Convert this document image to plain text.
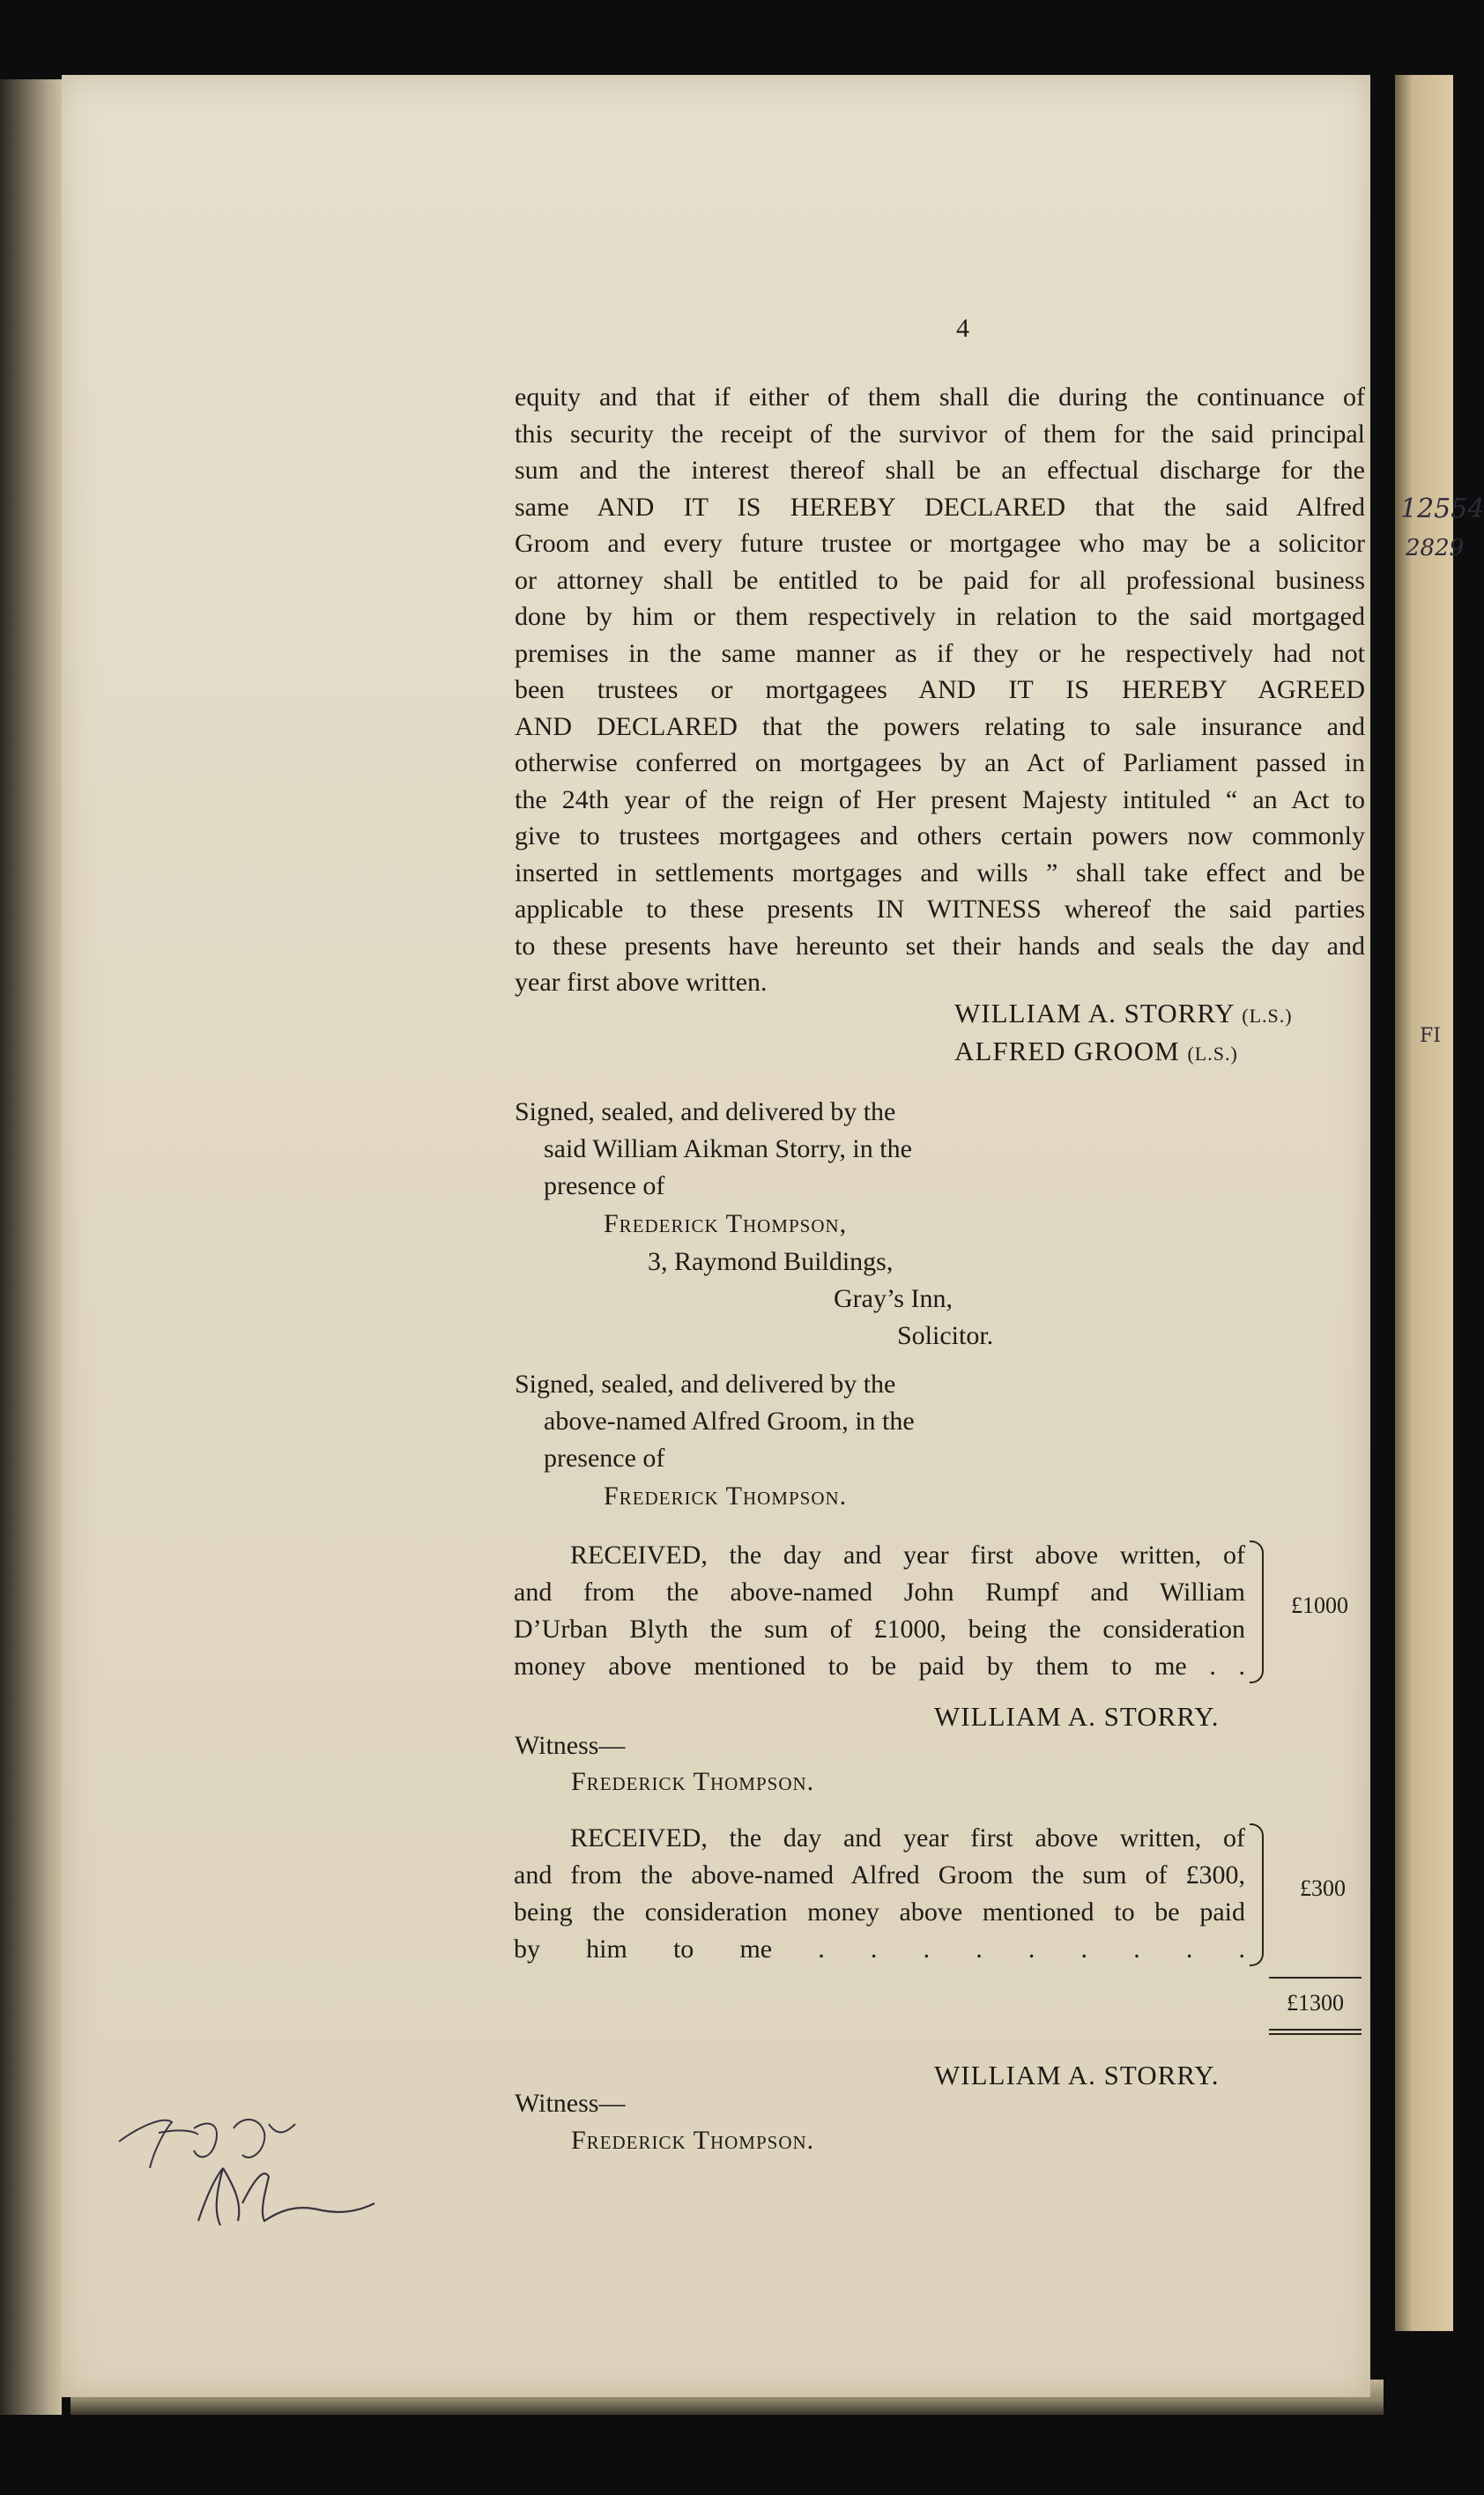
12554
2829
FI
4
equity and that if either of them shall die during the continuance of
this security the receipt of the survivor of them for the said principal
sum and the interest thereof shall be an effectual discharge for the
same AND IT IS HEREBY DECLARED that the said Alfred
Groom and every future trustee or mortgagee who may be a solicitor
or attorney shall be entitled to be paid for all professional business
done by him or them respectively in relation to the said mortgaged
premises in the same manner as if they or he respectively had not
been trustees or mortgagees AND IT IS HEREBY AGREED
AND DECLARED that the powers relating to sale insurance and
otherwise conferred on mortgagees by an Act of Parliament passed in
the 24th year of the reign of Her present Majesty intituled “ an Act to
give to trustees mortgagees and others certain powers now commonly
inserted in settlements mortgages and wills ” shall take effect and be
applicable to these presents IN WITNESS whereof the said parties
to these presents have hereunto set their hands and seals the day and
year first above written.
WILLIAM A. STORRY (L.S.)
ALFRED GROOM (L.S.)
Signed, sealed, and delivered by the
said William Aikman Storry, in the
presence of
Frederick Thompson,
3, Raymond Buildings,
Gray’s Inn,
Solicitor.
Signed, sealed, and delivered by the
above-named Alfred Groom, in the
presence of
Frederick Thompson.
RECEIVED, the day and year first above written, of
and from the above-named John Rumpf and William
D’Urban Blyth the sum of £1000, being the consideration
money above mentioned to be paid by them to me . .
£1000
WILLIAM A. STORRY.
Witness—
Frederick Thompson.
RECEIVED, the day and year first above written, of
and from the above-named Alfred Groom the sum of £300,
being the consideration money above mentioned to be paid
by him to me . . . . . . . . .
£300
£1300
WILLIAM A. STORRY.
Witness—
Frederick Thompson.
